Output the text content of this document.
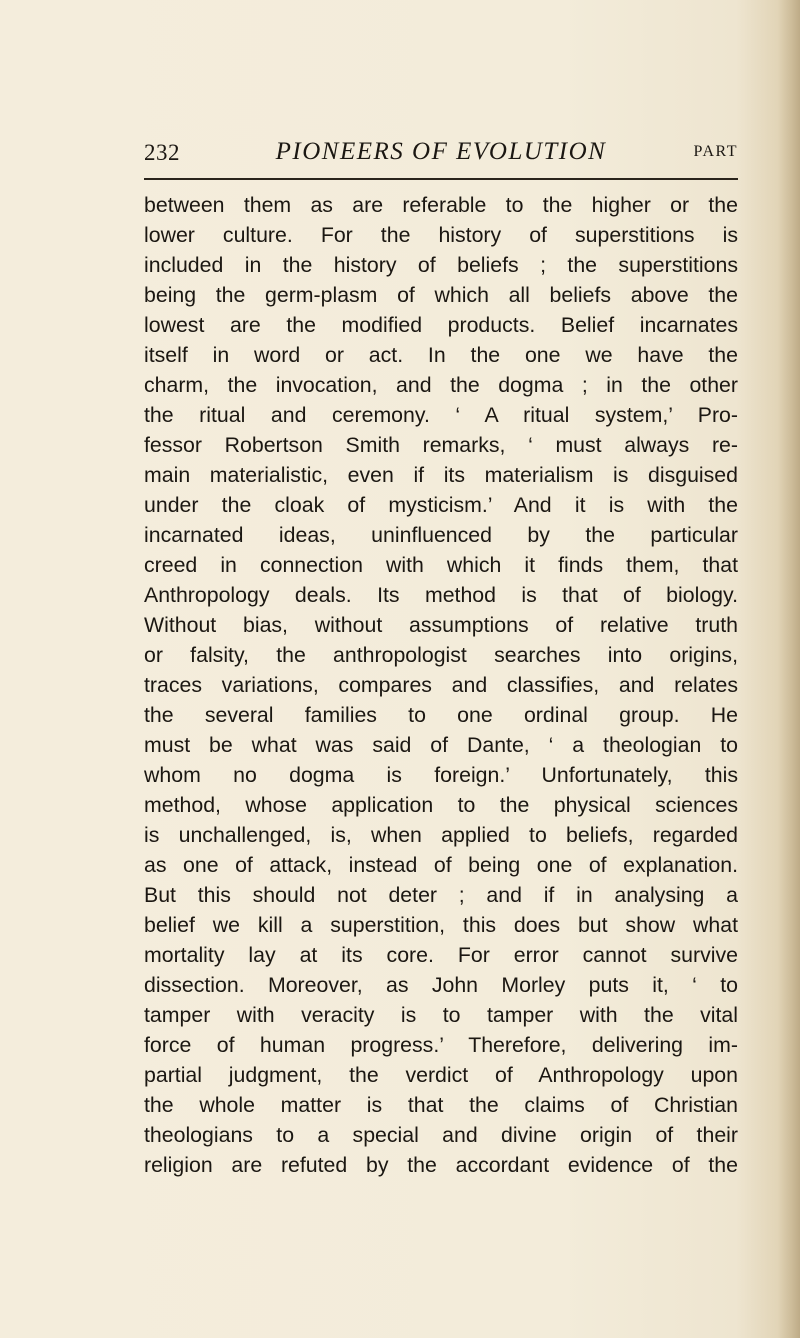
232	PIONEERS OF EVOLUTION	PART
between them as are referable to the higher or the
lower culture. For the history of superstitions is
included in the history of beliefs ; the superstitions
being the germ-plasm of which all beliefs above the
lowest are the modified products. Belief incarnates
itself in word or act. In the one we have the
charm, the invocation, and the dogma ; in the other
the ritual and ceremony. ‘ A ritual system,’ Pro-
fessor Robertson Smith remarks, ‘ must always re-
main materialistic, even if its materialism is disguised
under the cloak of mysticism.’ And it is with the
incarnated ideas, uninfluenced by the particular
creed in connection with which it finds them, that
Anthropology deals. Its method is that of biology.
Without bias, without assumptions of relative truth
or falsity, the anthropologist searches into origins,
traces variations, compares and classifies, and relates
the several families to one ordinal group. He
must be what was said of Dante, ‘ a theologian to
whom no dogma is foreign.’ Unfortunately, this
method, whose application to the physical sciences
is unchallenged, is, when applied to beliefs, regarded
as one of attack, instead of being one of explanation.
But this should not deter ; and if in analysing a
belief we kill a superstition, this does but show what
mortality lay at its core. For error cannot survive
dissection. Moreover, as John Morley puts it, ‘ to
tamper with veracity is to tamper with the vital
force of human progress.’ Therefore, delivering im-
partial judgment, the verdict of Anthropology upon
the whole matter is that the claims of Christian
theologians to a special and divine origin of their
religion are refuted by the accordant evidence of the
